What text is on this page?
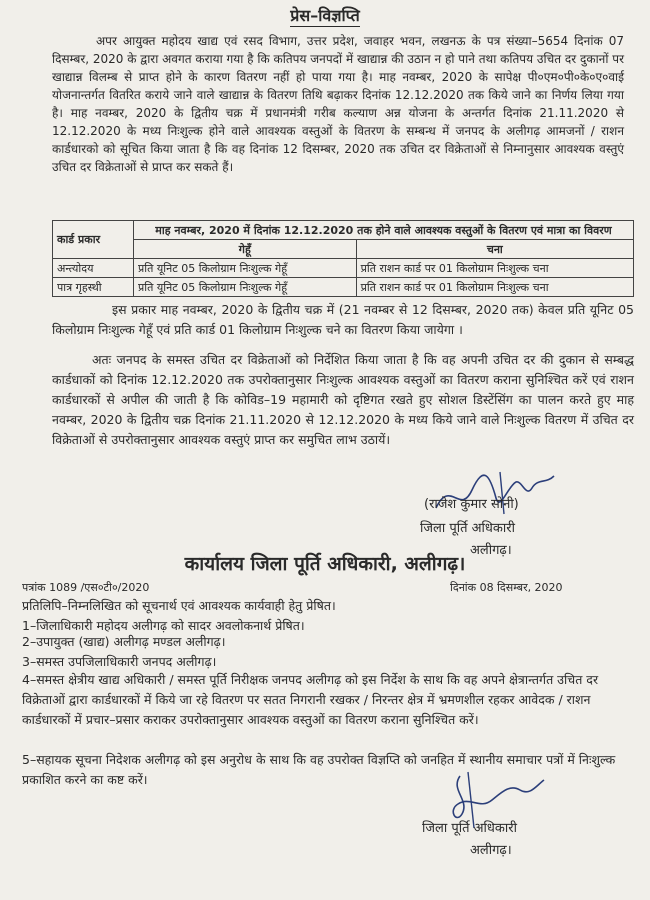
प्रेस–विज्ञप्ति

अपर आयुक्त महोदय खाद्य एवं रसद विभाग, उत्तर प्रदेश, जवाहर भवन, लखनऊ के पत्र संख्या–5654 दिनांक 07 दिसम्बर, 2020 के द्वारा अवगत कराया गया है कि कतिपय जनपदों में खाद्यान्न की उठान न हो पाने तथा कतिपय उचित दर दुकानों पर खाद्यान्न विलम्ब से प्राप्त होने के कारण वितरण नहीं हो पाया गया है। माह नवम्बर, 2020 के सापेक्ष पी०एम०पी०के०ए०वाई योजनान्तर्गत वितरित कराये जाने वाले खाद्यान्न के वितरण तिथि बढ़ाकर दिनांक 12.12.2020 तक किये जाने का निर्णय लिया गया है। माह नवम्बर, 2020 के द्वितीय चक्र में प्रधानमंत्री गरीब कल्याण अन्न योजना के अन्तर्गत दिनांक 21.11.2020 से 12.12.2020 के मध्य निःशुल्क होने वाले आवश्यक वस्तुओं के वितरण के सम्बन्ध में जनपद के अलीगढ़ आमजनों / राशन कार्डधारको को सूचित किया जाता है कि वह दिनांक 12 दिसम्बर, 2020 तक उचित दर विक्रेताओं से निम्नानुसार आवश्यक वस्तुएं उचित दर विक्रेताओं से प्राप्त कर सकते हैं।

कार्ड प्रकार	माह नवम्बर, 2020 में दिनांक 12.12.2020 तक होने वाले आवश्यक वस्तुओं के वितरण एवं मात्रा का विवरण	
	गेहूँ	चना
अन्त्योदय	प्रति यूनिट 05 किलोग्राम निःशुल्क गेहूँ	प्रति राशन कार्ड पर 01 किलोग्राम निःशुल्क चना
पात्र गृहस्थी	प्रति यूनिट 05 किलोग्राम निःशुल्क गेहूँ	प्रति राशन कार्ड पर 01 किलोग्राम निःशुल्क चना

इस प्रकार माह नवम्बर, 2020 के द्वितीय चक्र में (21 नवम्बर से 12 दिसम्बर, 2020 तक) केवल प्रति यूनिट 05 किलोग्राम निःशुल्क गेहूँ एवं प्रति कार्ड 01 किलोग्राम निःशुल्क चने का वितरण किया जायेगा ।

अतः जनपद के समस्त उचित दर विक्रेताओं को निर्देशित किया जाता है कि वह अपनी उचित दर की दुकान से सम्बद्ध कार्डधाकों को दिनांक 12.12.2020 तक उपरोक्तानुसार निःशुल्क आवश्यक वस्तुओं का वितरण कराना सुनिश्चित करें एवं राशन कार्डधारकों से अपील की जाती है कि कोविड–19 महामारी को दृष्टिगत रखते हुए सोशल डिस्टेंसिंग का पालन करते हुए माह नवम्बर, 2020 के द्वितीय चक्र दिनांक 21.11.2020 से 12.12.2020 के मध्य किये जाने वाले निःशुल्क वितरण में उचित दर विक्रेताओं से उपरोक्तानुसार आवश्यक वस्तुएं प्राप्त कर समुचित लाभ उठायें।

(राजेश कुमार सोनी)
जिला पूर्ति अधिकारी
अलीगढ़।
कार्यालय जिला पूर्ति अधिकारी, अलीगढ़।
पत्रांक 1089 /एस०टी०/2020	दिनांक 08 दिसम्बर, 2020

प्रतिलिपि–निम्नलिखित को सूचनार्थ एवं आवश्यक कार्यवाही हेतु प्रेषित।

1–जिलाधिकारी महोदय अलीगढ़ को सादर अवलोकनार्थ प्रेषित।

2–उपायुक्त (खाद्य) अलीगढ़ मण्डल अलीगढ़।

3–समस्त उपजिलाधिकारी जनपद अलीगढ़।

4–समस्त क्षेत्रीय खाद्य अधिकारी / समस्त पूर्ति निरीक्षक जनपद अलीगढ़ को इस निर्देश के साथ कि वह अपने क्षेत्रान्तर्गत उचित दर विक्रेताओं द्वारा कार्डधारकों में किये जा रहे वितरण पर सतत निगरानी रखकर / निरन्तर क्षेत्र में भ्रमणशील रहकर आवेदक / राशन कार्डधारकों में प्रचार–प्रसार कराकर उपरोक्तानुसार आवश्यक वस्तुओं का वितरण कराना सुनिश्चित करें।

5–सहायक सूचना निदेशक अलीगढ़ को इस अनुरोध के साथ कि वह उपरोक्त विज्ञप्ति को जनहित में स्थानीय समाचार पत्रों में निःशुल्क प्रकाशित करने का कष्ट करें।

जिला पूर्ति अधिकारी
अलीगढ़।
